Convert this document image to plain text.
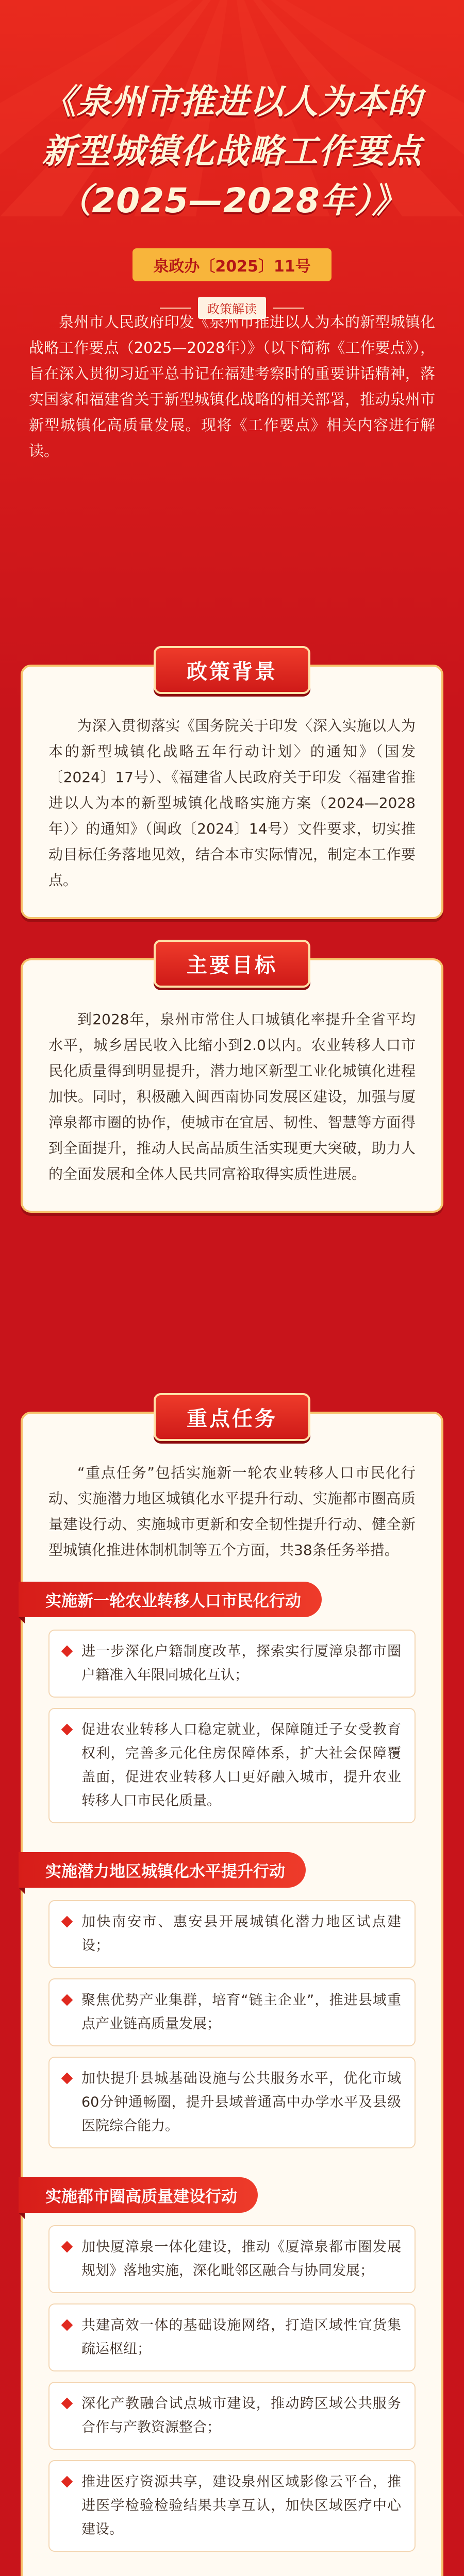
《泉州市推进以人为本的
新型城镇化战略工作要点
（2025—2028年）》
泉政办〔2025〕11号
政策解读

泉州市人民政府印发《泉州市推进以人为本的新型城镇化战略工作要点（2025—2028年）》（以下简称《工作要点》），旨在深入贯彻习近平总书记在福建考察时的重要讲话精神，落实国家和福建省关于新型城镇化战略的相关部署，推动泉州市新型城镇化高质量发展。现将《工作要点》相关内容进行解读。

政策背景

为深入贯彻落实《国务院关于印发〈深入实施以人为本的新型城镇化战略五年行动计划〉的通知》（国发〔2024〕17号）、《福建省人民政府关于印发〈福建省推进以人为本的新型城镇化战略实施方案（2024—2028年）〉的通知》（闽政〔2024〕14号）文件要求，切实推动目标任务落地见效，结合本市实际情况，制定本工作要点。

主要目标

到2028年，泉州市常住人口城镇化率提升全省平均水平，城乡居民收入比缩小到2.0以内。农业转移人口市民化质量得到明显提升，潜力地区新型工业化城镇化进程加快。同时，积极融入闽西南协同发展区建设，加强与厦漳泉都市圈的协作，使城市在宜居、韧性、智慧等方面得到全面提升，推动人民高品质生活实现更大突破，助力人的全面发展和全体人民共同富裕取得实质性进展。

重点任务

“重点任务”包括实施新一轮农业转移人口市民化行动、实施潜力地区城镇化水平提升行动、实施都市圈高质量建设行动、实施城市更新和安全韧性提升行动、健全新型城镇化推进体制机制等五个方面，共38条任务举措。

实施新一轮农业转移人口市民化行动
进一步深化户籍制度改革，探索实行厦漳泉都市圈户籍准入年限同城化互认；
促进农业转移人口稳定就业，保障随迁子女受教育权利，完善多元化住房保障体系，扩大社会保障覆盖面，促进农业转移人口更好融入城市，提升农业转移人口市民化质量。
实施潜力地区城镇化水平提升行动
加快南安市、惠安县开展城镇化潜力地区试点建设；
聚焦优势产业集群，培育“链主企业”，推进县域重点产业链高质量发展；
加快提升县城基础设施与公共服务水平，优化市域60分钟通畅圈，提升县域普通高中办学水平及县级医院综合能力。
实施都市圈高质量建设行动
加快厦漳泉一体化建设，推动《厦漳泉都市圈发展规划》落地实施，深化毗邻区融合与协同发展；
共建高效一体的基础设施网络，打造区域性宜货集疏运枢纽；
深化产教融合试点城市建设，推动跨区域公共服务合作与产教资源整合；
推进医疗资源共享，建设泉州区域影像云平台，推进医学检验检验结果共享互认，加快区域医疗中心建设。
